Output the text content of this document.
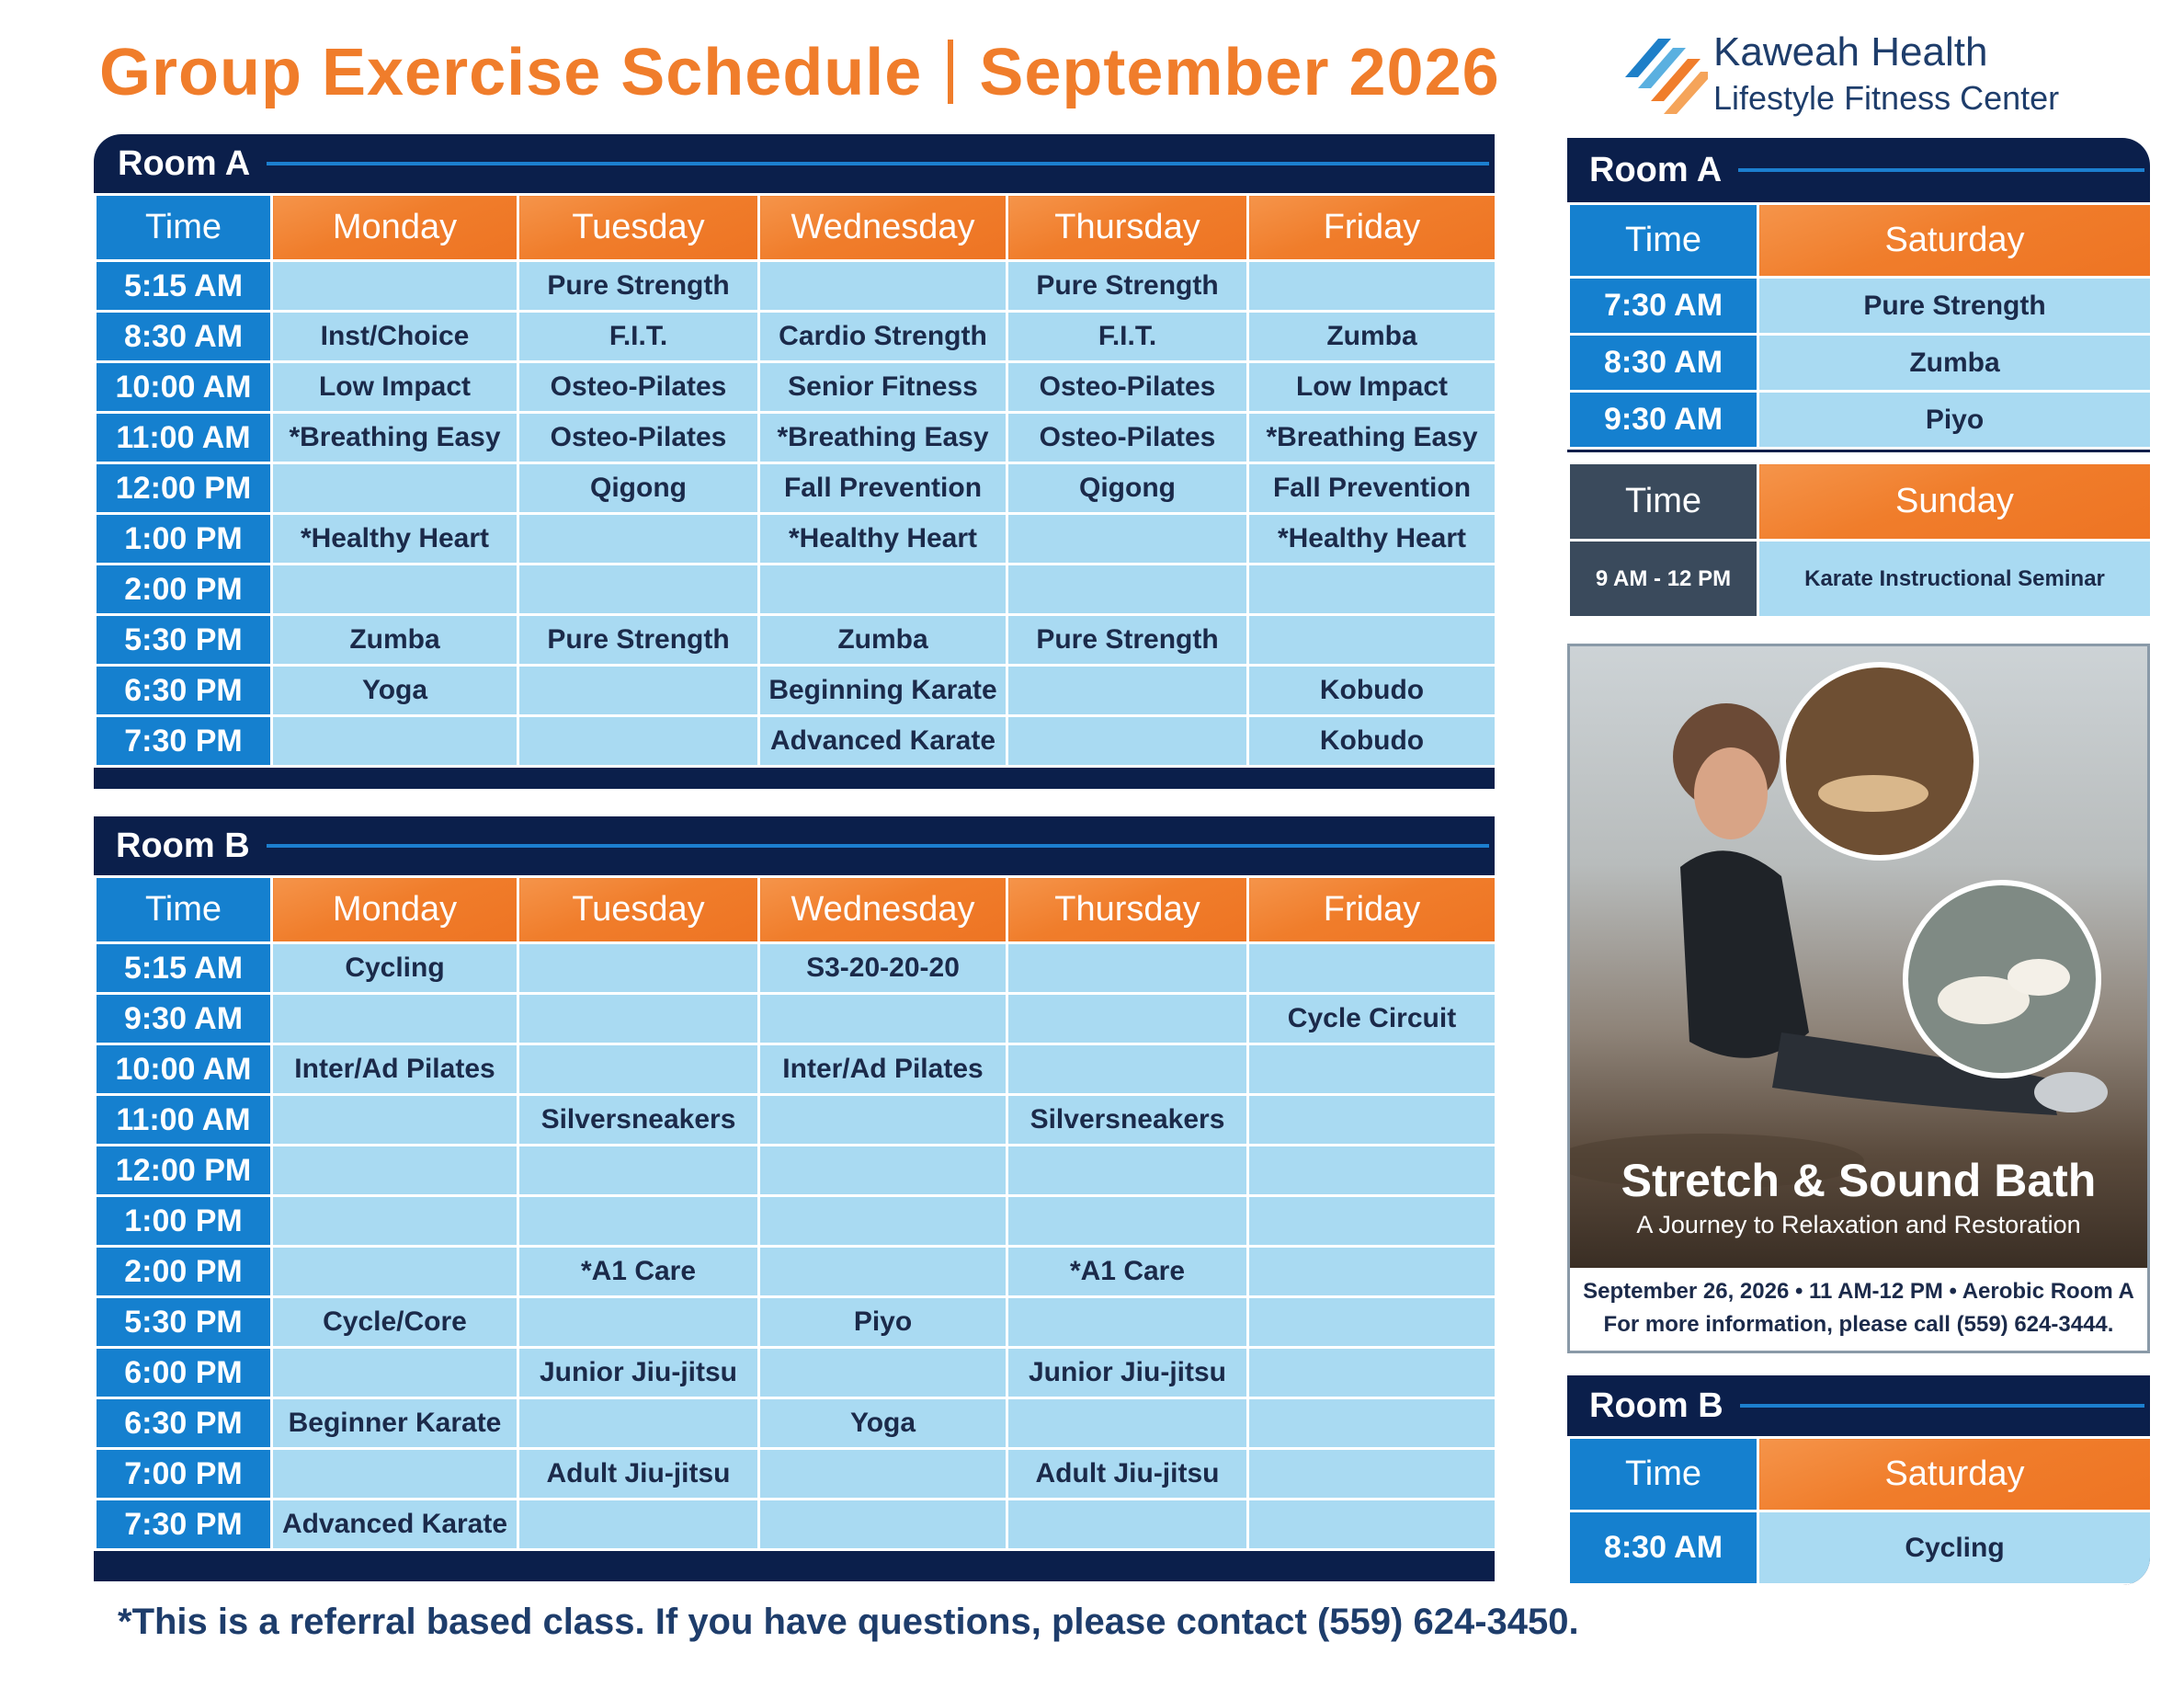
Group Exercise Schedule September 2026	Kaweah Health
Lifestyle Fitness Center
Room A
Time	Monday	Tuesday	Wednesday	Thursday	Friday
5:15 AM		Pure Strength		Pure Strength	
8:30 AM	Inst/Choice	F.I.T.	Cardio Strength	F.I.T.	Zumba
10:00 AM	Low Impact	Osteo-Pilates	Senior Fitness	Osteo-Pilates	Low Impact
11:00 AM	*Breathing Easy	Osteo-Pilates	*Breathing Easy	Osteo-Pilates	*Breathing Easy
12:00 PM		Qigong	Fall Prevention	Qigong	Fall Prevention
1:00 PM	*Healthy Heart		*Healthy Heart		*Healthy Heart
2:00 PM					
5:30 PM	Zumba	Pure Strength	Zumba	Pure Strength	
6:30 PM	Yoga		Beginning Karate		Kobudo
7:30 PM			Advanced Karate		Kobudo
Room B
Time	Monday	Tuesday	Wednesday	Thursday	Friday
5:15 AM	Cycling		S3-20-20-20		
9:30 AM					Cycle Circuit
10:00 AM	Inter/Ad Pilates		Inter/Ad Pilates		
11:00 AM		Silversneakers		Silversneakers	
12:00 PM					
1:00 PM					
2:00 PM		*A1 Care		*A1 Care	
5:30 PM	Cycle/Core		Piyo		
6:00 PM		Junior Jiu-jitsu		Junior Jiu-jitsu	
6:30 PM	Beginner Karate		Yoga		
7:00 PM		Adult Jiu-jitsu		Adult Jiu-jitsu	
7:30 PM	Advanced Karate				
Room A
Time	Saturday
7:30 AM	Pure Strength
8:30 AM	Zumba
9:30 AM	Piyo
Time	Sunday
9 AM - 12 PM	Karate Instructional Seminar
Stretch & Sound Bath
A Journey to Relaxation and Restoration
September 26, 2026 • 11 AM-12 PM • Aerobic Room A
For more information, please call (559) 624-3444.
Room B
Time	Saturday
8:30 AM	Cycling
*This is a referral based class. If you have questions, please contact (559) 624-3450.
